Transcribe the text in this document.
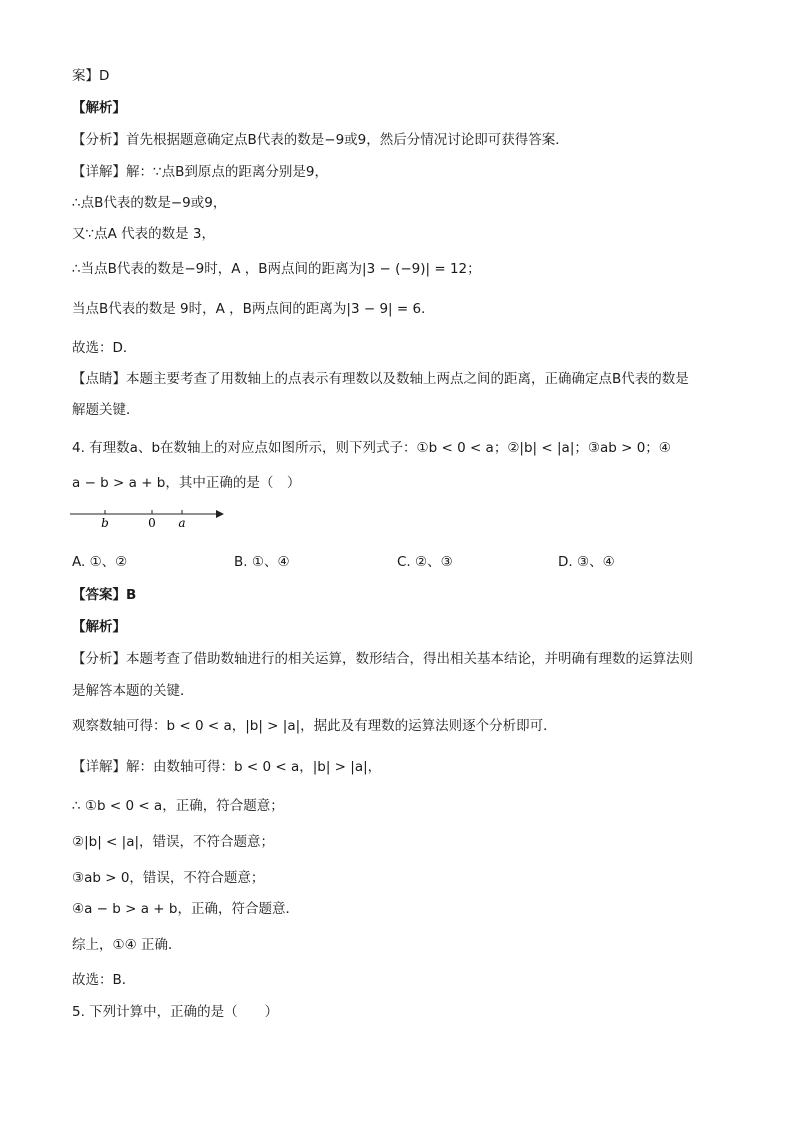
案】D
【解析】
【分析】首先根据题意确定点B代表的数是−9或9，然后分情况讨论即可获得答案．
【详解】解：∵点B到原点的距离分别是9，
∴点B代表的数是−9或9，
又∵点A 代表的数是 3，
∴当点B代表的数是−9时，A ，B两点间的距离为|3 − (−9)| = 12；
当点B代表的数是 9时，A ，B两点间的距离为|3 − 9| = 6．
故选：D．
【点睛】本题主要考查了用数轴上的点表示有理数以及数轴上两点之间的距离，正确确定点B代表的数是
解题关键．
4. 有理数a、b在数轴上的对应点如图所示，则下列式子：①b < 0 < a；②|b| < |a|；③ab > 0；④
a − b > a + b，其中正确的是（　）
b	0 a
A. ①、②	B. ①、④	C. ②、③	D. ③、④
【答案】B
【解析】
【分析】本题考查了借助数轴进行的相关运算，数形结合，得出相关基本结论，并明确有理数的运算法则
是解答本题的关键．
观察数轴可得：b < 0 < a，|b| > |a|，据此及有理数的运算法则逐个分析即可．
【详解】解：由数轴可得：b < 0 < a，|b| > |a|，
∴ ①b < 0 < a，正确，符合题意；
②|b| < |a|，错误，不符合题意；
③ab > 0，错误，不符合题意；
④a − b > a + b，正确，符合题意．
综上，①④ 正确．
故选：B．
5. 下列计算中，正确的是（　　）
